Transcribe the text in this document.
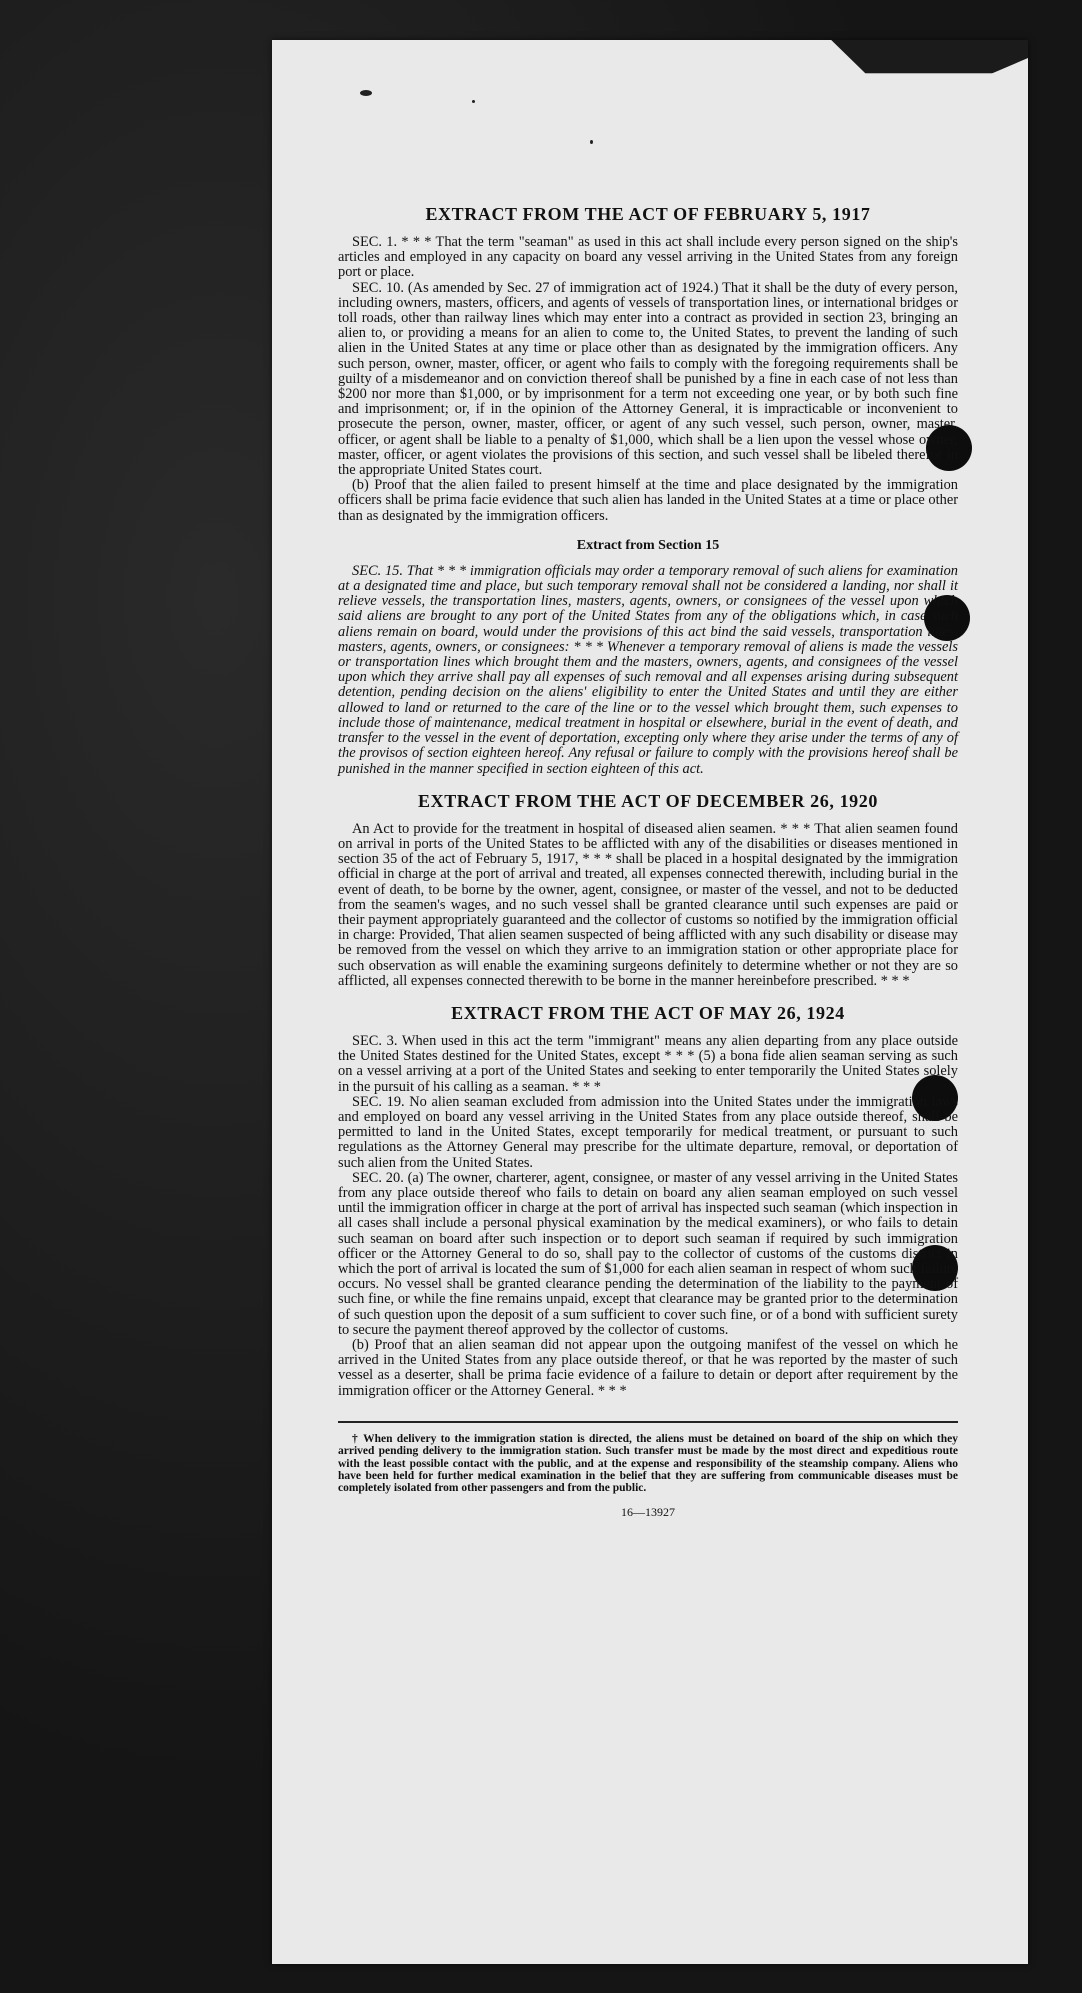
EXTRACT FROM THE ACT OF FEBRUARY 5, 1917

SEC. 1. * * * That the term "seaman" as used in this act shall include every person signed on the ship's articles and employed in any capacity on board any vessel arriving in the United States from any foreign port or place.

SEC. 10. (As amended by Sec. 27 of immigration act of 1924.) That it shall be the duty of every person, including owners, masters, officers, and agents of vessels of transportation lines, or international bridges or toll roads, other than railway lines which may enter into a contract as provided in section 23, bringing an alien to, or providing a means for an alien to come to, the United States, to prevent the landing of such alien in the United States at any time or place other than as designated by the immigration officers. Any such person, owner, master, officer, or agent who fails to comply with the foregoing requirements shall be guilty of a misdemeanor and on conviction thereof shall be punished by a fine in each case of not less than $200 nor more than $1,000, or by imprisonment for a term not exceeding one year, or by both such fine and imprisonment; or, if in the opinion of the Attorney General, it is impracticable or inconvenient to prosecute the person, owner, master, officer, or agent of any such vessel, such person, owner, master, officer, or agent shall be liable to a penalty of $1,000, which shall be a lien upon the vessel whose owner, master, officer, or agent violates the provisions of this section, and such vessel shall be libeled therefor in the appropriate United States court.

(b) Proof that the alien failed to present himself at the time and place designated by the immigration officers shall be prima facie evidence that such alien has landed in the United States at a time or place other than as designated by the immigration officers.

Extract from Section 15

SEC. 15. That * * * immigration officials may order a temporary removal of such aliens for examination at a designated time and place, but such temporary removal shall not be considered a landing, nor shall it relieve vessels, the transportation lines, masters, agents, owners, or consignees of the vessel upon which said aliens are brought to any port of the United States from any of the obligations which, in case such aliens remain on board, would under the provisions of this act bind the said vessels, transportation lines, masters, agents, owners, or consignees: * * * Whenever a temporary removal of aliens is made the vessels or transportation lines which brought them and the masters, owners, agents, and consignees of the vessel upon which they arrive shall pay all expenses of such removal and all expenses arising during subsequent detention, pending decision on the aliens' eligibility to enter the United States and until they are either allowed to land or returned to the care of the line or to the vessel which brought them, such expenses to include those of maintenance, medical treatment in hospital or elsewhere, burial in the event of death, and transfer to the vessel in the event of deportation, excepting only where they arise under the terms of any of the provisos of section eighteen hereof. Any refusal or failure to comply with the provisions hereof shall be punished in the manner specified in section eighteen of this act.

EXTRACT FROM THE ACT OF DECEMBER 26, 1920

An Act to provide for the treatment in hospital of diseased alien seamen. * * * That alien seamen found on arrival in ports of the United States to be afflicted with any of the disabilities or diseases mentioned in section 35 of the act of February 5, 1917, * * * shall be placed in a hospital designated by the immigration official in charge at the port of arrival and treated, all expenses connected therewith, including burial in the event of death, to be borne by the owner, agent, consignee, or master of the vessel, and not to be deducted from the seamen's wages, and no such vessel shall be granted clearance until such expenses are paid or their payment appropriately guaranteed and the collector of customs so notified by the immigration official in charge: Provided, That alien seamen suspected of being afflicted with any such disability or disease may be removed from the vessel on which they arrive to an immigration station or other appropriate place for such observation as will enable the examining surgeons definitely to determine whether or not they are so afflicted, all expenses connected therewith to be borne in the manner hereinbefore prescribed. * * *

EXTRACT FROM THE ACT OF MAY 26, 1924

SEC. 3. When used in this act the term "immigrant" means any alien departing from any place outside the United States destined for the United States, except * * * (5) a bona fide alien seaman serving as such on a vessel arriving at a port of the United States and seeking to enter temporarily the United States solely in the pursuit of his calling as a seaman. * * *

SEC. 19. No alien seaman excluded from admission into the United States under the immigration laws and employed on board any vessel arriving in the United States from any place outside thereof, shall be permitted to land in the United States, except temporarily for medical treatment, or pursuant to such regulations as the Attorney General may prescribe for the ultimate departure, removal, or deportation of such alien from the United States.

SEC. 20. (a) The owner, charterer, agent, consignee, or master of any vessel arriving in the United States from any place outside thereof who fails to detain on board any alien seaman employed on such vessel until the immigration officer in charge at the port of arrival has inspected such seaman (which inspection in all cases shall include a personal physical examination by the medical examiners), or who fails to detain such seaman on board after such inspection or to deport such seaman if required by such immigration officer or the Attorney General to do so, shall pay to the collector of customs of the customs district in which the port of arrival is located the sum of $1,000 for each alien seaman in respect of whom such failure occurs. No vessel shall be granted clearance pending the determination of the liability to the payment of such fine, or while the fine remains unpaid, except that clearance may be granted prior to the determination of such question upon the deposit of a sum sufficient to cover such fine, or of a bond with sufficient surety to secure the payment thereof approved by the collector of customs.

(b) Proof that an alien seaman did not appear upon the outgoing manifest of the vessel on which he arrived in the United States from any place outside thereof, or that he was reported by the master of such vessel as a deserter, shall be prima facie evidence of a failure to detain or deport after requirement by the immigration officer or the Attorney General. * * *

† When delivery to the immigration station is directed, the aliens must be detained on board of the ship on which they arrived pending delivery to the immigration station. Such transfer must be made by the most direct and expeditious route with the least possible contact with the public, and at the expense and responsibility of the steamship company. Aliens who have been held for further medical examination in the belief that they are suffering from communicable diseases must be completely isolated from other passengers and from the public.
16—13927
